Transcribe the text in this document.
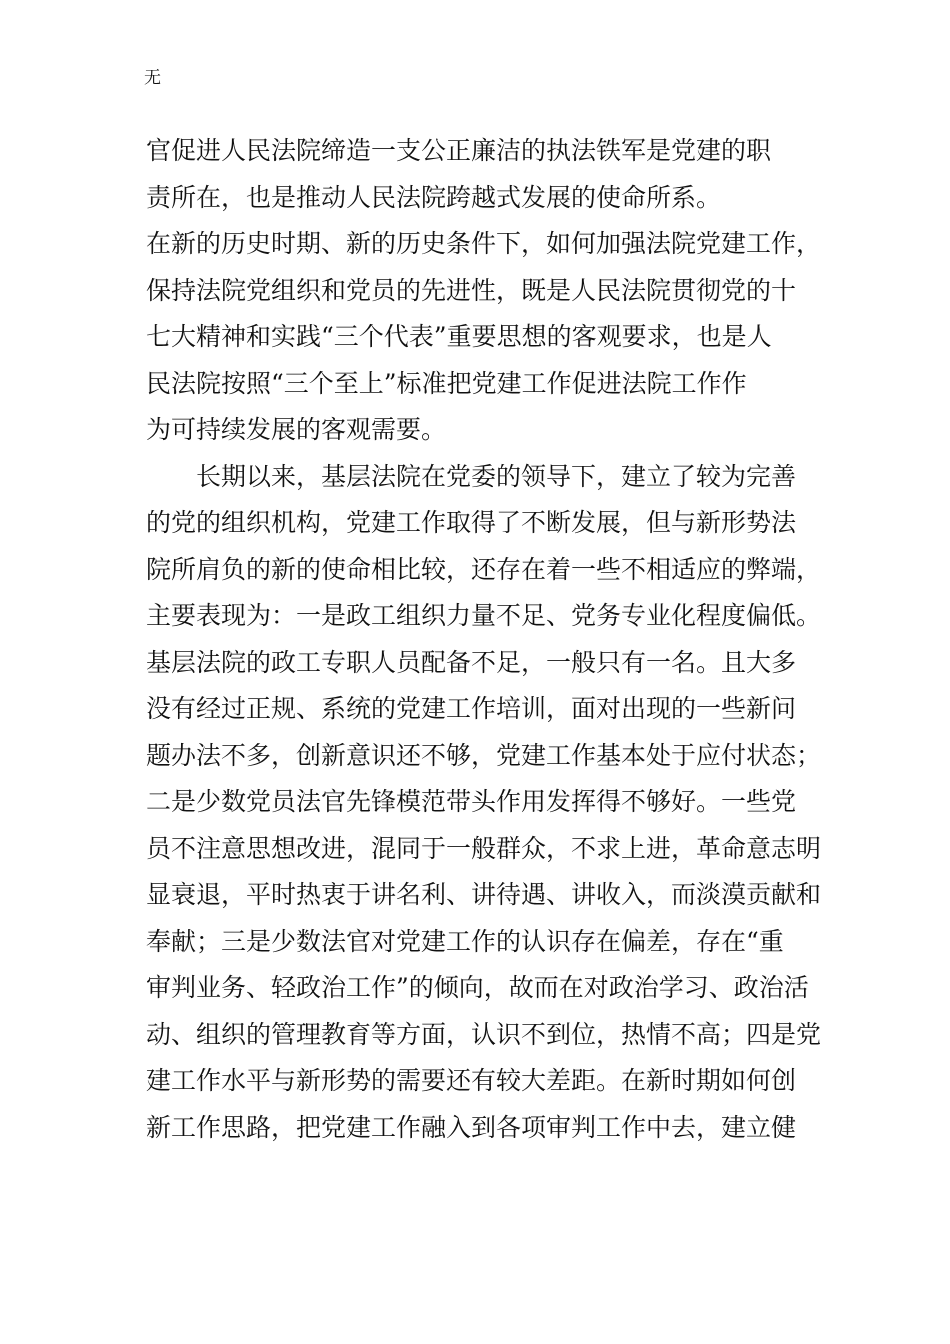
无
官促进人民法院缔造一支公正廉洁的执法铁军是党建的职
责所在，也是推动人民法院跨越式发展的使命所系。
在新的历史时期、新的历史条件下，如何加强法院党建工作，
保持法院党组织和党员的先进性，既是人民法院贯彻党的十
七大精神和实践“三个代表”重要思想的客观要求，也是人
民法院按照“三个至上”标准把党建工作促进法院工作作
为可持续发展的客观需要。
　　长期以来，基层法院在党委的领导下，建立了较为完善
的党的组织机构，党建工作取得了不断发展，但与新形势法
院所肩负的新的使命相比较，还存在着一些不相适应的弊端，
主要表现为：一是政工组织力量不足、党务专业化程度偏低。
基层法院的政工专职人员配备不足，一般只有一名。且大多
没有经过正规、系统的党建工作培训，面对出现的一些新问
题办法不多，创新意识还不够，党建工作基本处于应付状态；
二是少数党员法官先锋模范带头作用发挥得不够好。一些党
员不注意思想改进，混同于一般群众，不求上进，革命意志明
显衰退，平时热衷于讲名利、讲待遇、讲收入，而淡漠贡献和
奉献；三是少数法官对党建工作的认识存在偏差，存在“重
审判业务、轻政治工作”的倾向，故而在对政治学习、政治活
动、组织的管理教育等方面，认识不到位，热情不高；四是党
建工作水平与新形势的需要还有较大差距。在新时期如何创
新工作思路，把党建工作融入到各项审判工作中去，建立健
